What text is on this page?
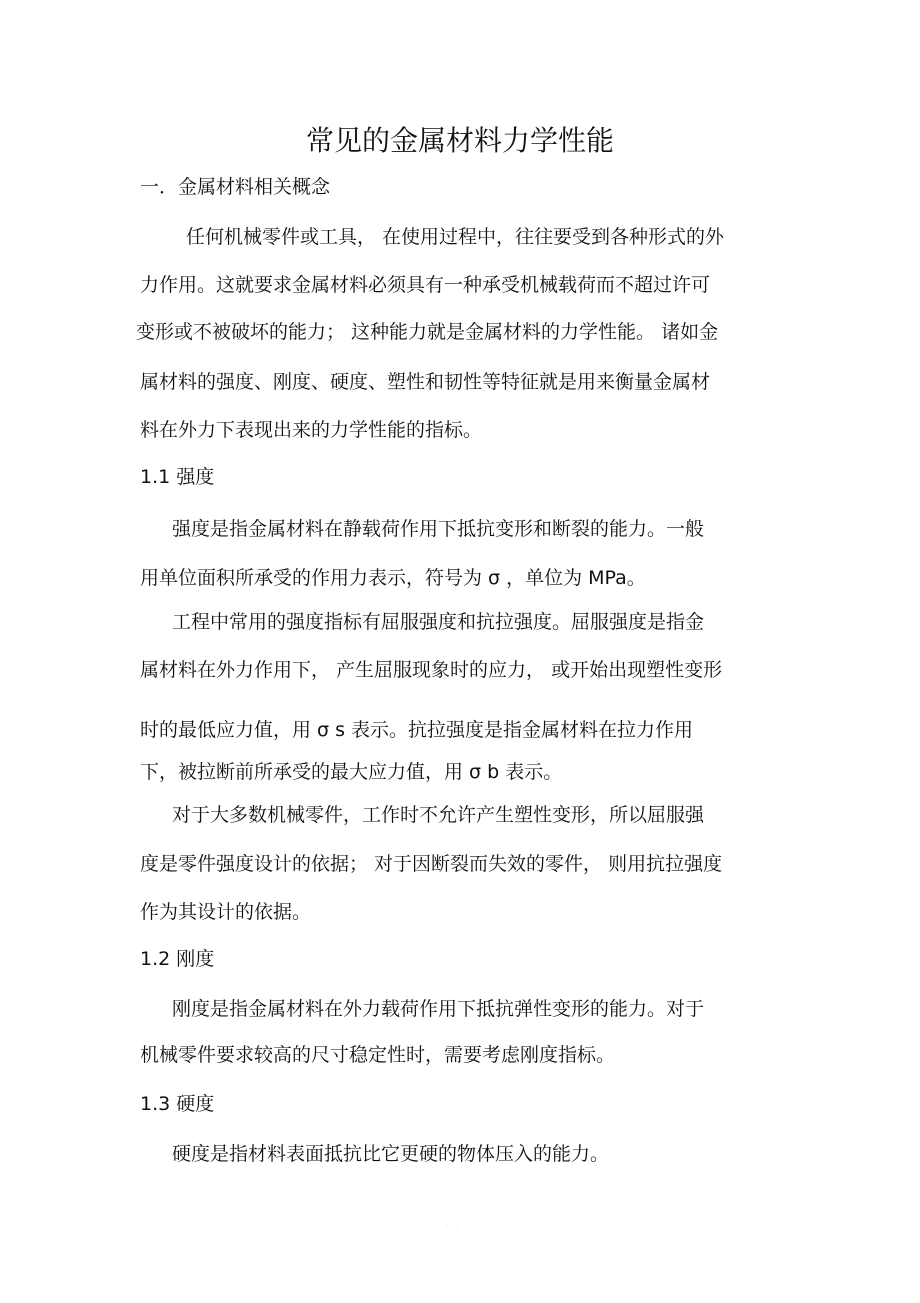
常见的金属材料力学性能
一．金属材料相关概念
任何机械零件或工具， 在使用过程中，往往要受到各种形式的外
力作用。这就要求金属材料必须具有一种承受机械载荷而不超过许可
变形或不被破坏的能力； 这种能力就是金属材料的力学性能。 诸如金
属材料的强度、刚度、硬度、塑性和韧性等特征就是用来衡量金属材
料在外力下表现出来的力学性能的指标。
1.1 强度
强度是指金属材料在静载荷作用下抵抗变形和断裂的能力。一般
用单位面积所承受的作用力表示，符号为 σ ，单位为 MPa。
工程中常用的强度指标有屈服强度和抗拉强度。屈服强度是指金
属材料在外力作用下， 产生屈服现象时的应力， 或开始出现塑性变形
时的最低应力值，用 σ s 表示。抗拉强度是指金属材料在拉力作用
下，被拉断前所承受的最大应力值，用 σ b 表示。
对于大多数机械零件，工作时不允许产生塑性变形，所以屈服强
度是零件强度设计的依据； 对于因断裂而失效的零件， 则用抗拉强度
作为其设计的依据。
1.2 刚度
刚度是指金属材料在外力载荷作用下抵抗弹性变形的能力。对于
机械零件要求较高的尺寸稳定性时，需要考虑刚度指标。
1.3 硬度
硬度是指材料表面抵抗比它更硬的物体压入的能力。
· · · ·
